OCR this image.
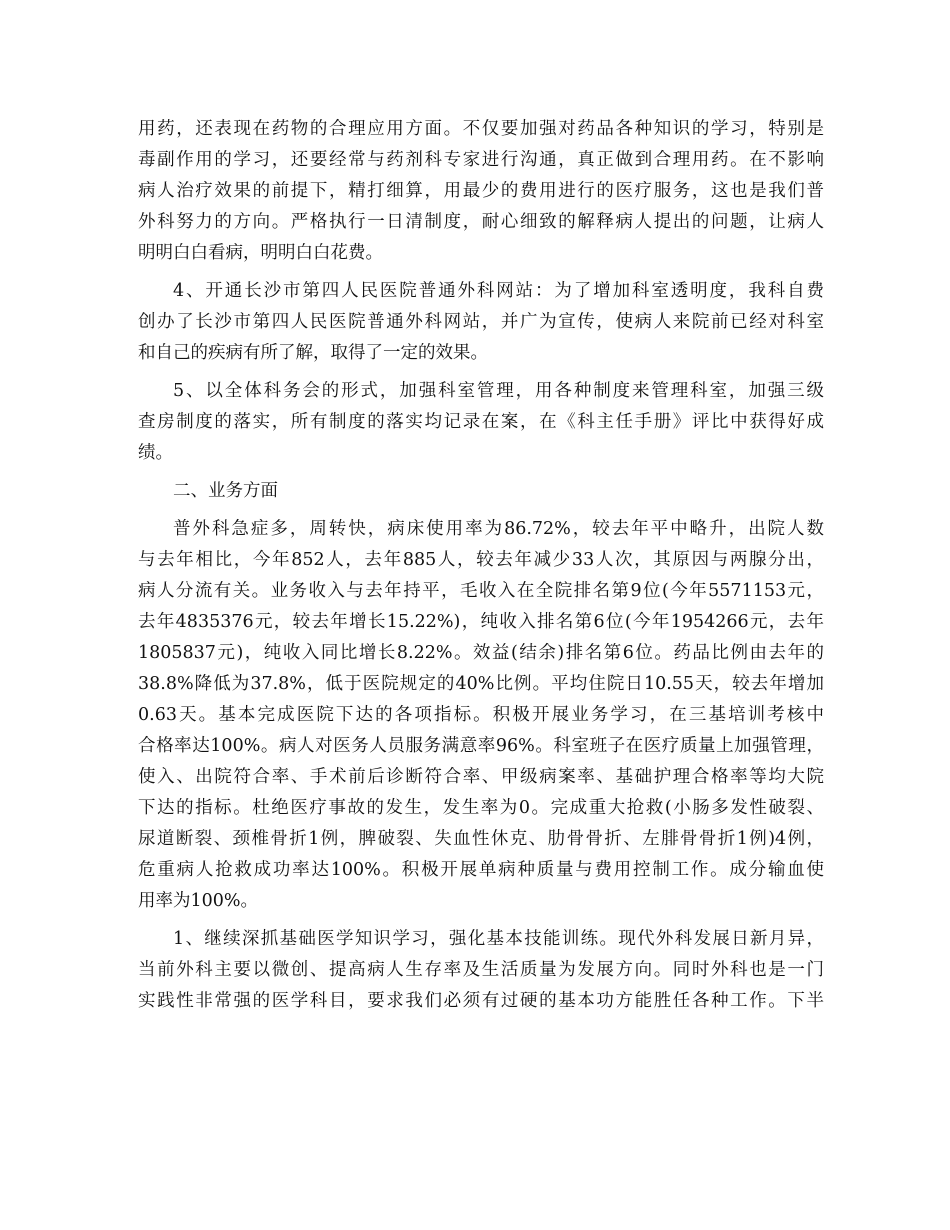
用药，还表现在药物的合理应用方面。不仅要加强对药品各种知识的学习，特别是
毒副作用的学习，还要经常与药剂科专家进行沟通，真正做到合理用药。在不影响
病人治疗效果的前提下，精打细算，用最少的费用进行的医疗服务，这也是我们普
外科努力的方向。严格执行一日清制度，耐心细致的解释病人提出的问题，让病人
明明白白看病，明明白白花费。
4、开通长沙市第四人民医院普通外科网站：为了增加科室透明度，我科自费
创办了长沙市第四人民医院普通外科网站，并广为宣传，使病人来院前已经对科室
和自己的疾病有所了解，取得了一定的效果。
5、以全体科务会的形式，加强科室管理，用各种制度来管理科室，加强三级
查房制度的落实，所有制度的落实均记录在案，在《科主任手册》评比中获得好成
绩。
二、业务方面
普外科急症多，周转快，病床使用率为86.72%，较去年平中略升，出院人数
与去年相比，今年852人，去年885人，较去年减少33人次，其原因与两腺分出，
病人分流有关。业务收入与去年持平，毛收入在全院排名第9位(今年5571153元，
去年4835376元，较去年增长15.22%)，纯收入排名第6位(今年1954266元，去年
1805837元)，纯收入同比增长8.22%。效益(结余)排名第6位。药品比例由去年的
38.8%降低为37.8%，低于医院规定的40%比例。平均住院日10.55天，较去年增加
0.63天。基本完成医院下达的各项指标。积极开展业务学习，在三基培训考核中
合格率达100%。病人对医务人员服务满意率96%。科室班子在医疗质量上加强管理，
使入、出院符合率、手术前后诊断符合率、甲级病案率、基础护理合格率等均大院
下达的指标。杜绝医疗事故的发生，发生率为0。完成重大抢救(小肠多发性破裂、
尿道断裂、颈椎骨折1例，脾破裂、失血性休克、肋骨骨折、左腓骨骨折1例)4例，
危重病人抢救成功率达100%。积极开展单病种质量与费用控制工作。成分输血使
用率为100%。
1、继续深抓基础医学知识学习，强化基本技能训练。现代外科发展日新月异，
当前外科主要以微创、提高病人生存率及生活质量为发展方向。同时外科也是一门
实践性非常强的医学科目，要求我们必须有过硬的基本功方能胜任各种工作。下半
